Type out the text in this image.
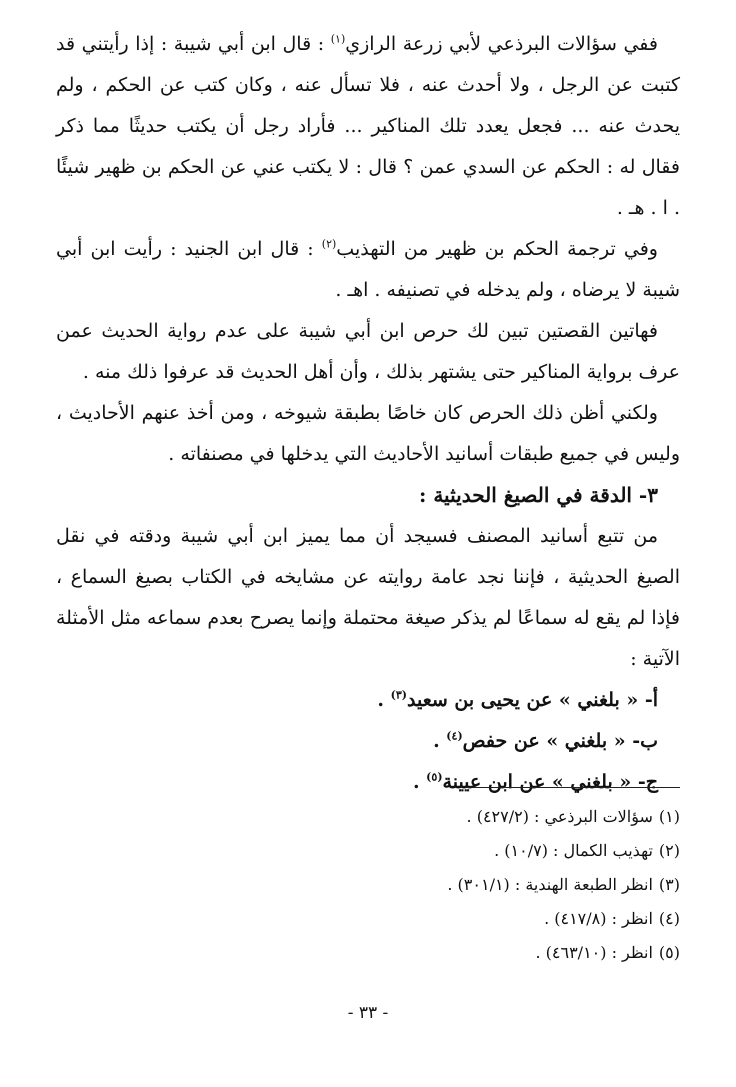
ففي سؤالات البرذعي لأبي زرعة الرازي$^{(١)}$ : قال ابن أبي شيبة : إذا رأيتني قد كتبت عن الرجل ، ولا أحدث عنه ، فلا تسأل عنه ، وكان كتب عن الحكم ، ولم يحدث عنه ... فجعل يعدد تلك المناكير ... فأراد رجل أن يكتب حديثًا مما ذكر فقال له : الحكم عن السدي عمن ؟ قال : لا يكتب عني عن الحكم بن ظهير شيئًا . ا . هـ .

وفي ترجمة الحكم بن ظهير من التهذيب$^{(٢)}$ : قال ابن الجنيد : رأيت ابن أبي شيبة لا يرضاه ، ولم يدخله في تصنيفه . اهـ .

فهاتين القصتين تبين لك حرص ابن أبي شيبة على عدم رواية الحديث عمن عرف برواية المناكير حتى يشتهر بذلك ، وأن أهل الحديث قد عرفوا ذلك منه .

ولكني أظن ذلك الحرص كان خاصًا بطبقة شيوخه ، ومن أخذ عنهم الأحاديث ، وليس في جميع طبقات أسانيد الأحاديث التي يدخلها في مصنفاته .

٣- الدقة في الصيغ الحديثية :

من تتبع أسانيد المصنف فسيجد أن مما يميز ابن أبي شيبة ودقته في نقل الصيغ الحديثية ، فإننا نجد عامة روايته عن مشايخه في الكتاب بصيغ السماع ، فإذا لم يقع له سماعًا لم يذكر صيغة محتملة وإنما يصرح بعدم سماعه مثل الأمثلة الآتية :

أ- « بلغني » عن يحيى بن سعيد$^{(٣)}$ .
ب- « بلغني » عن حفص$^{(٤)}$ .
ج- « بلغني » عن ابن عيينة$^{(٥)}$ .
(١)سؤالات البرذعي : (٤٢٧/٢) .
(٢)تهذيب الكمال : (١٠/٧) .
(٣)انظر الطبعة الهندية : (٣٠١/١) .
(٤)انظر : (٤١٧/٨) .
(٥)انظر : (٤٦٣/١٠) .
- ٣٣ -
